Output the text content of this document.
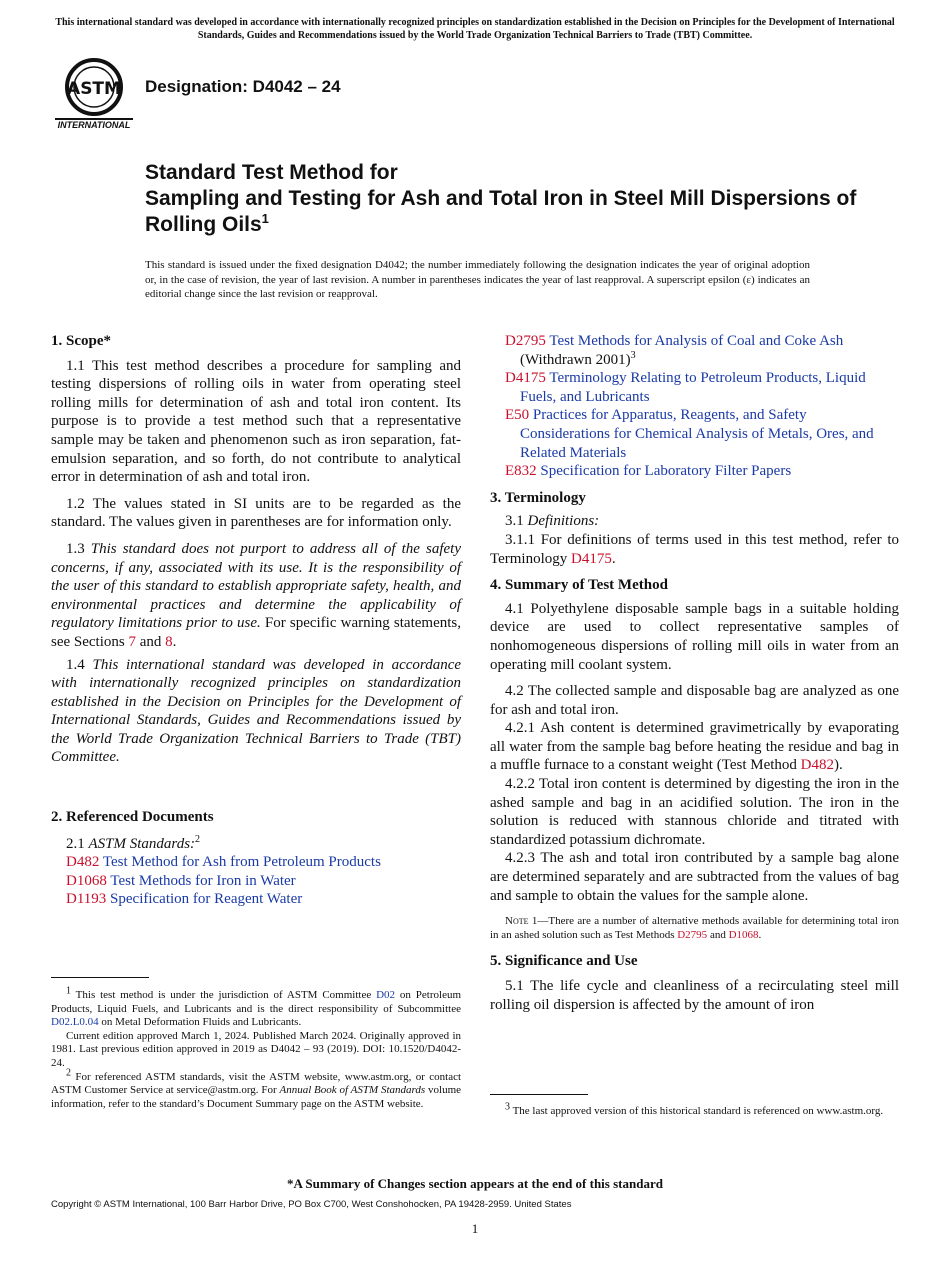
This international standard was developed in accordance with internationally recognized principles on standardization established in the Decision on Principles for the Development of International Standards, Guides and Recommendations issued by the World Trade Organization Technical Barriers to Trade (TBT) Committee.
ASTM
INTERNATIONAL
Designation: D4042 – 24
Standard Test Method for
Sampling and Testing for Ash and Total Iron in Steel Mill Dispersions of Rolling Oils$^1$
This standard is issued under the fixed designation D4042; the number immediately following the designation indicates the year of original adoption or, in the case of revision, the year of last revision. A number in parentheses indicates the year of last reapproval. A superscript epsilon (ε) indicates an editorial change since the last revision or reapproval.
1. Scope*

1.1 This test method describes a procedure for sampling and testing dispersions of rolling oils in water from operating steel rolling mills for determination of ash and total iron content. Its purpose is to provide a test method such that a representative sample may be taken and phenomenon such as iron separation, fat-emulsion separation, and so forth, do not contribute to analytical error in determination of ash and total iron.

1.2 The values stated in SI units are to be regarded as the standard. The values given in parentheses are for information only.

1.3 This standard does not purport to address all of the safety concerns, if any, associated with its use. It is the responsibility of the user of this standard to establish appropriate safety, health, and environmental practices and determine the applicability of regulatory limitations prior to use. For specific warning statements, see Sections 7 and 8.

1.4 This international standard was developed in accordance with internationally recognized principles on standardization established in the Decision on Principles for the Development of International Standards, Guides and Recommendations issued by the World Trade Organization Technical Barriers to Trade (TBT) Committee.

2. Referenced Documents

2.1 ASTM Standards:$^2$

D482 Test Method for Ash from Petroleum Products
D1068 Test Methods for Iron in Water
D1193 Specification for Reagent Water

$^1$ This test method is under the jurisdiction of ASTM Committee D02 on Petroleum Products, Liquid Fuels, and Lubricants and is the direct responsibility of Subcommittee D02.L0.04 on Metal Deformation Fluids and Lubricants.

Current edition approved March 1, 2024. Published March 2024. Originally approved in 1981. Last previous edition approved in 2019 as D4042 – 93 (2019). DOI: 10.1520/D4042-24.

$^2$ For referenced ASTM standards, visit the ASTM website, www.astm.org, or contact ASTM Customer Service at service@astm.org. For Annual Book of ASTM Standards volume information, refer to the standard’s Document Summary page on the ASTM website.

D2795 Test Methods for Analysis of Coal and Coke Ash (Withdrawn 2001)$^3$
D4175 Terminology Relating to Petroleum Products, Liquid Fuels, and Lubricants
E50 Practices for Apparatus, Reagents, and Safety Considerations for Chemical Analysis of Metals, Ores, and Related Materials
E832 Specification for Laboratory Filter Papers
3. Terminology

3.1 Definitions:

3.1.1 For definitions of terms used in this test method, refer to Terminology D4175.

4. Summary of Test Method

4.1 Polyethylene disposable sample bags in a suitable holding device are used to collect representative samples of nonhomogeneous dispersions of rolling mill oils in water from an operating mill coolant system.

4.2 The collected sample and disposable bag are analyzed as one for ash and total iron.

4.2.1 Ash content is determined gravimetrically by evaporating all water from the sample bag before heating the residue and bag in a muffle furnace to a constant weight (Test Method D482).

4.2.2 Total iron content is determined by digesting the iron in the ashed sample and bag in an acidified solution. The iron in the solution is reduced with stannous chloride and titrated with standardized potassium dichromate.

4.2.3 The ash and total iron contributed by a sample bag alone are determined separately and are subtracted from the values of bag and sample to obtain the values for the sample alone.

Note 1—There are a number of alternative methods available for determining total iron in an ashed solution such as Test Methods D2795 and D1068.

5. Significance and Use

5.1 The life cycle and cleanliness of a recirculating steel mill rolling oil dispersion is affected by the amount of iron

$^3$ The last approved version of this historical standard is referenced on www.astm.org.

*A Summary of Changes section appears at the end of this standard
Copyright © ASTM International, 100 Barr Harbor Drive, PO Box C700, West Conshohocken, PA 19428-2959. United States
1
